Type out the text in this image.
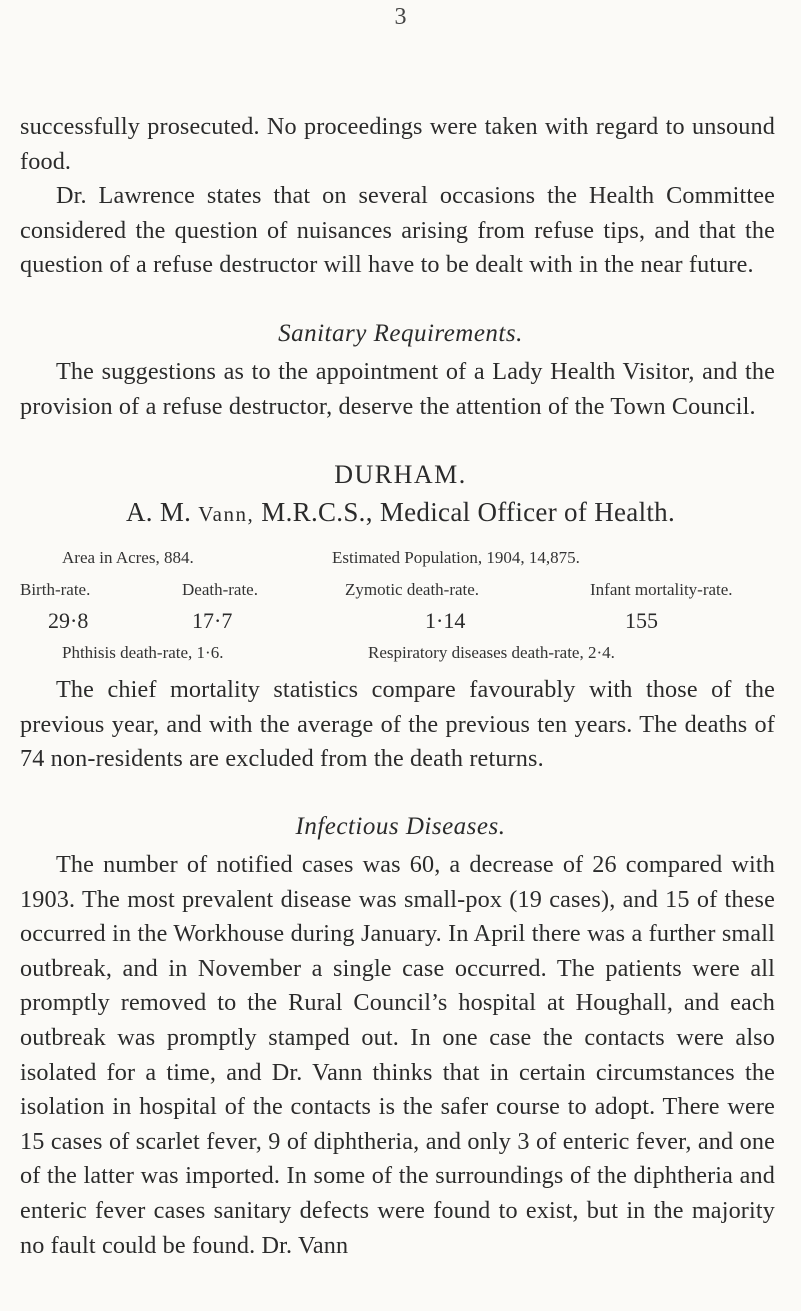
3

successfully prosecuted. No proceedings were taken with regard to unsound food.

Dr. Lawrence states that on several occasions the Health Committee considered the question of nuisances arising from refuse tips, and that the question of a refuse destructor will have to be dealt with in the near future.

Sanitary Requirements.

The suggestions as to the appointment of a Lady Health Visitor, and the provision of a refuse destructor, deserve the attention of the Town Council.

DURHAM.
A. M. Vann, M.R.C.S., Medical Officer of Health.
Area in Acres, 884.	Estimated Population, 1904, 14,875.
Birth-rate.	Death-rate.	Zymotic death-rate.	Infant mortality-rate.
29·8	17·7	1·14	155
Phthisis death-rate, 1·6.	Respiratory diseases death-rate, 2·4.

The chief mortality statistics compare favourably with those of the previous year, and with the average of the previous ten years. The deaths of 74 non-residents are excluded from the death returns.

Infectious Diseases.

The number of notified cases was 60, a decrease of 26 compared with 1903. The most prevalent disease was small-pox (19 cases), and 15 of these occurred in the Workhouse during January. In April there was a further small outbreak, and in November a single case occurred. The patients were all promptly removed to the Rural Council’s hospital at Houghall, and each outbreak was promptly stamped out. In one case the contacts were also isolated for a time, and Dr. Vann thinks that in certain circumstances the isolation in hospital of the contacts is the safer course to adopt. There were 15 cases of scarlet fever, 9 of diphtheria, and only 3 of enteric fever, and one of the latter was imported. In some of the surroundings of the diphtheria and enteric fever cases sanitary defects were found to exist, but in the majority no fault could be found. Dr. Vann
